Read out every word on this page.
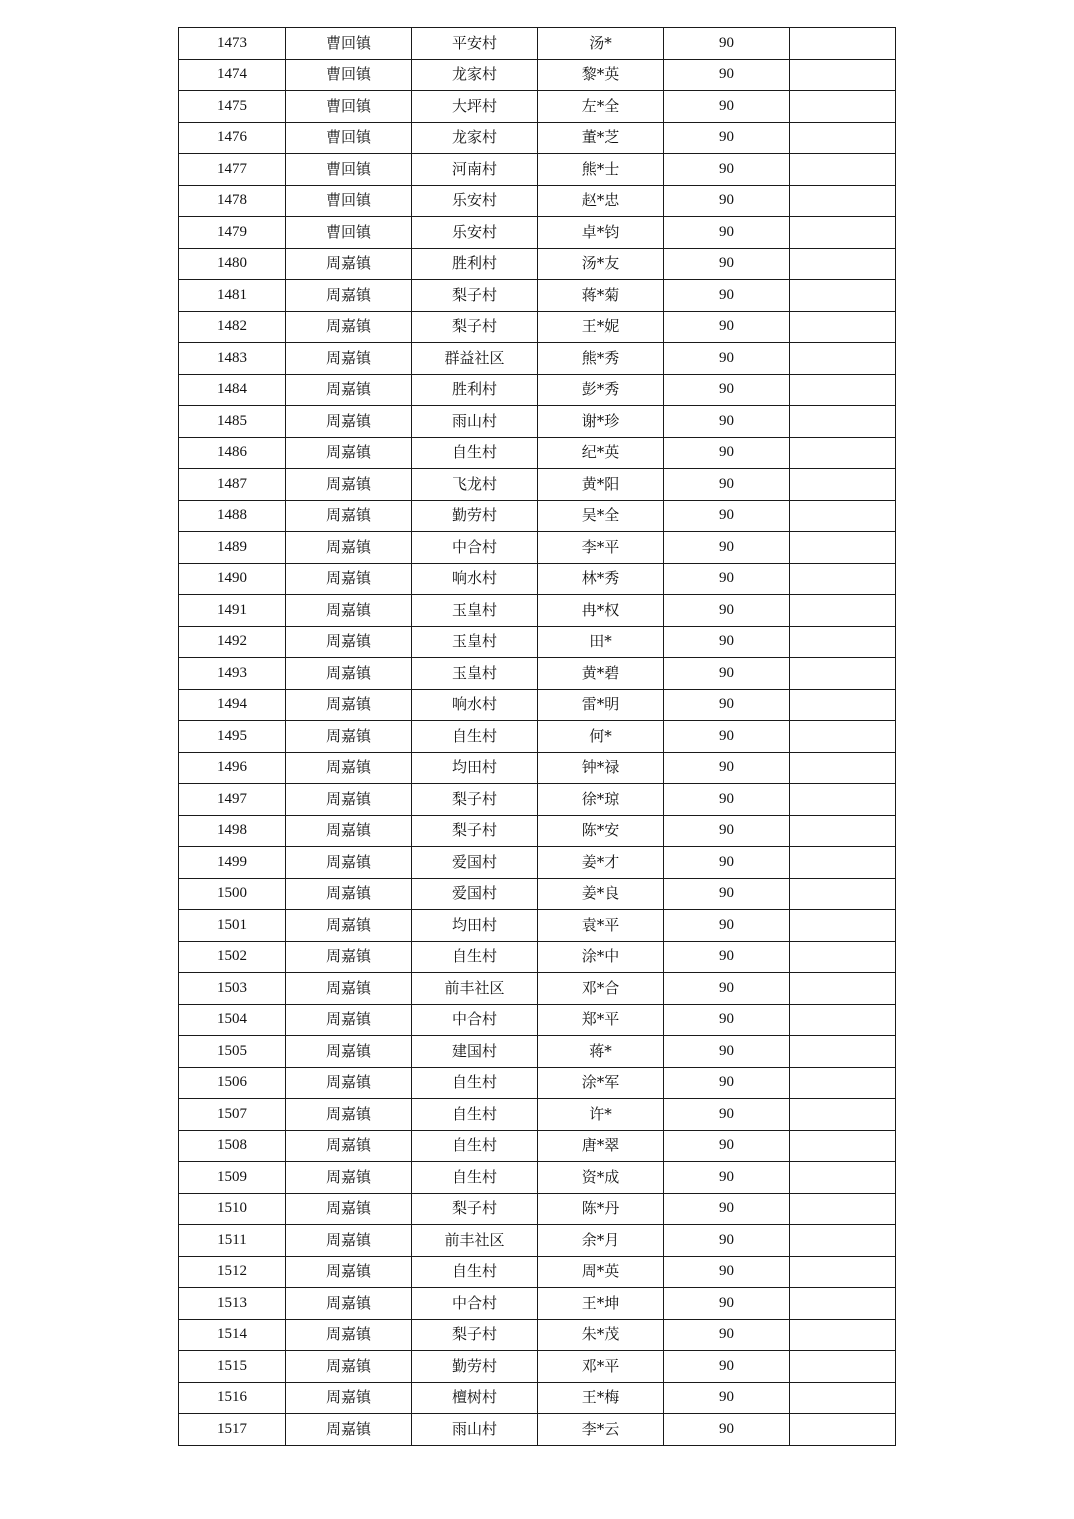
1473	曹回镇	平安村	汤*	90	
1474	曹回镇	龙家村	黎*英	90	
1475	曹回镇	大坪村	左*全	90	
1476	曹回镇	龙家村	董*芝	90	
1477	曹回镇	河南村	熊*士	90	
1478	曹回镇	乐安村	赵*忠	90	
1479	曹回镇	乐安村	卓*钧	90	
1480	周嘉镇	胜利村	汤*友	90	
1481	周嘉镇	梨子村	蒋*菊	90	
1482	周嘉镇	梨子村	王*妮	90	
1483	周嘉镇	群益社区	熊*秀	90	
1484	周嘉镇	胜利村	彭*秀	90	
1485	周嘉镇	雨山村	谢*珍	90	
1486	周嘉镇	自生村	纪*英	90	
1487	周嘉镇	飞龙村	黄*阳	90	
1488	周嘉镇	勤劳村	吴*全	90	
1489	周嘉镇	中合村	李*平	90	
1490	周嘉镇	响水村	林*秀	90	
1491	周嘉镇	玉皇村	冉*权	90	
1492	周嘉镇	玉皇村	田*	90	
1493	周嘉镇	玉皇村	黄*碧	90	
1494	周嘉镇	响水村	雷*明	90	
1495	周嘉镇	自生村	何*	90	
1496	周嘉镇	均田村	钟*禄	90	
1497	周嘉镇	梨子村	徐*琼	90	
1498	周嘉镇	梨子村	陈*安	90	
1499	周嘉镇	爱国村	姜*才	90	
1500	周嘉镇	爱国村	姜*良	90	
1501	周嘉镇	均田村	袁*平	90	
1502	周嘉镇	自生村	涂*中	90	
1503	周嘉镇	前丰社区	邓*合	90	
1504	周嘉镇	中合村	郑*平	90	
1505	周嘉镇	建国村	蒋*	90	
1506	周嘉镇	自生村	涂*军	90	
1507	周嘉镇	自生村	许*	90	
1508	周嘉镇	自生村	唐*翠	90	
1509	周嘉镇	自生村	资*成	90	
1510	周嘉镇	梨子村	陈*丹	90	
1511	周嘉镇	前丰社区	余*月	90	
1512	周嘉镇	自生村	周*英	90	
1513	周嘉镇	中合村	王*坤	90	
1514	周嘉镇	梨子村	朱*茂	90	
1515	周嘉镇	勤劳村	邓*平	90	
1516	周嘉镇	檀树村	王*梅	90	
1517	周嘉镇	雨山村	李*云	90	
